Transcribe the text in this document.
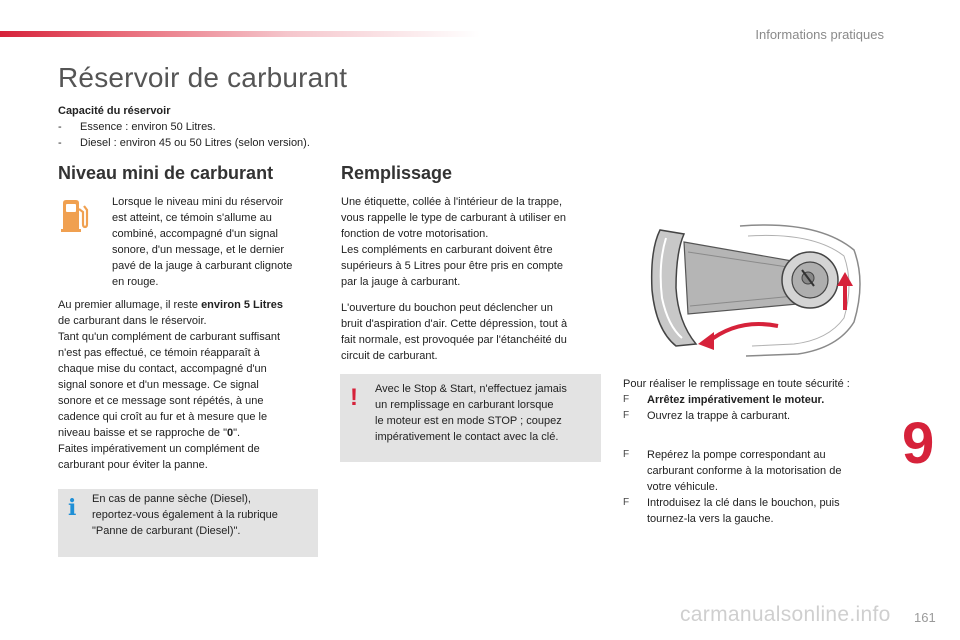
Informations pratiques
Réservoir de carburant
Capacité du réservoir
-	Essence : environ 50 Litres.
-	Diesel : environ 45 ou 50 Litres (selon version).
Niveau mini de carburant
Lorsque le niveau mini du réservoir
est atteint, ce témoin s'allume au
combiné, accompagné d'un signal
sonore, d'un message, et le dernier
pavé de la jauge à carburant clignote
en rouge.
Au premier allumage, il reste environ 5 Litres
de carburant dans le réservoir.
Tant qu'un complément de carburant suffisant
n'est pas effectué, ce témoin réapparaît à
chaque mise du contact, accompagné d'un
signal sonore et d'un message. Ce signal
sonore et ce message sont répétés, à une
cadence qui croît au fur et à mesure que le
niveau baisse et se rapproche de "0".
Faites impérativement un complément de
carburant pour éviter la panne.
i En cas de panne sèche (Diesel),
reportez-vous également à la rubrique
"Panne de carburant (Diesel)".
Remplissage
Une étiquette, collée à l'intérieur de la trappe,
vous rappelle le type de carburant à utiliser en
fonction de votre motorisation.
Les compléments en carburant doivent être
supérieurs à 5 Litres pour être pris en compte
par la jauge à carburant.
L'ouverture du bouchon peut déclencher un
bruit d'aspiration d'air. Cette dépression, tout à
fait normale, est provoquée par l'étanchéité du
circuit de carburant.
! Avec le Stop & Start, n'effectuez jamais
un remplissage en carburant lorsque
le moteur est en mode STOP ; coupez
impérativement le contact avec la clé.
Pour réaliser le remplissage en toute sécurité :
F	Arrêtez impérativement le moteur.
F	Ouvrez la trappe à carburant.
F	Repérez la pompe correspondant au
carburant conforme à la motorisation de
votre véhicule.
F	Introduisez la clé dans le bouchon, puis
tournez-la vers la gauche.
9
carmanualsonline.info 161
